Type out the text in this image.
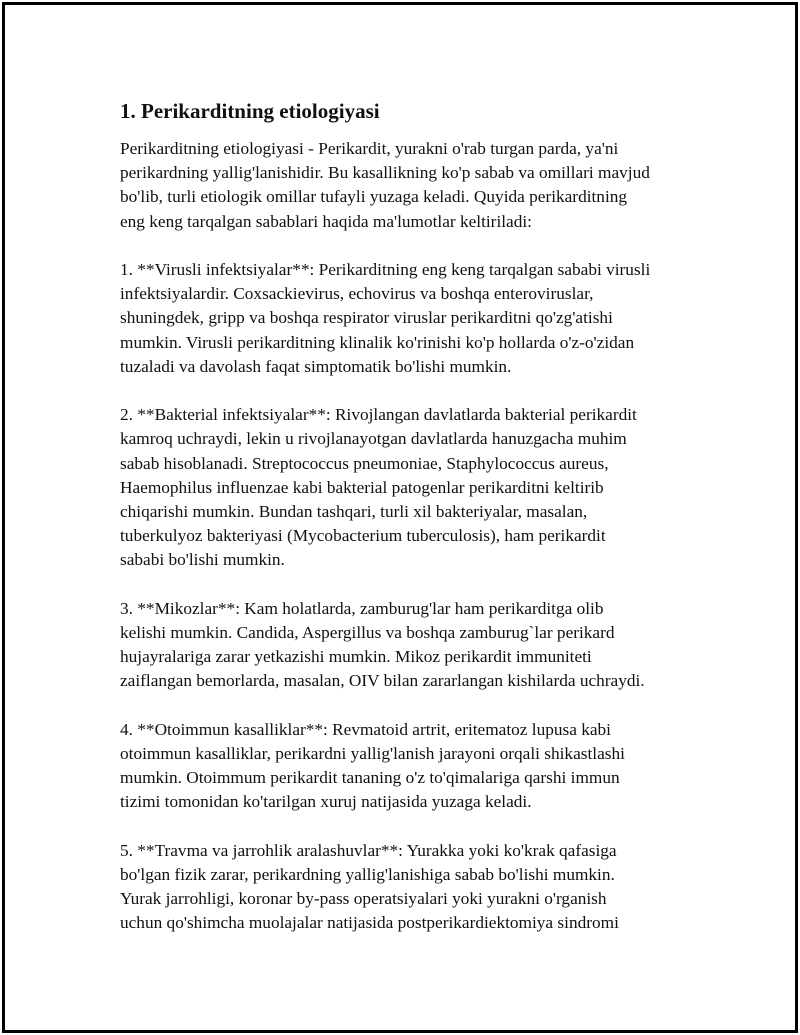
1. Perikarditning etiologiyasi

Perikarditning etiologiyasi - Perikardit, yurakni o'rab turgan parda, ya'ni
perikardning yallig'lanishidir. Bu kasallikning ko'p sabab va omillari mavjud
bo'lib, turli etiologik omillar tufayli yuzaga keladi. Quyida perikarditning
eng keng tarqalgan sabablari haqida ma'lumotlar keltiriladi:

1. **Virusli infektsiyalar**: Perikarditning eng keng tarqalgan sababi virusli
infektsiyalardir. Coxsackievirus, echovirus va boshqa enteroviruslar,
shuningdek, gripp va boshqa respirator viruslar perikarditni qo'zg'atishi
mumkin. Virusli perikarditning klinalik ko'rinishi ko'p hollarda o'z-o'zidan
tuzaladi va davolash faqat simptomatik bo'lishi mumkin.

2. **Bakterial infektsiyalar**: Rivojlangan davlatlarda bakterial perikardit
kamroq uchraydi, lekin u rivojlanayotgan davlatlarda hanuzgacha muhim
sabab hisoblanadi. Streptococcus pneumoniae, Staphylococcus aureus,
Haemophilus influenzae kabi bakterial patogenlar perikarditni keltirib
chiqarishi mumkin. Bundan tashqari, turli xil bakteriyalar, masalan,
tuberkulyoz bakteriyasi (Mycobacterium tuberculosis), ham perikardit
sababi bo'lishi mumkin.

3. **Mikozlar**: Kam holatlarda, zamburug'lar ham perikarditga olib
kelishi mumkin. Candida, Aspergillus va boshqa zamburug`lar perikard
hujayralariga zarar yetkazishi mumkin. Mikoz perikardit immuniteti
zaiflangan bemorlarda, masalan, OIV bilan zararlangan kishilarda uchraydi.

4. **Otoimmun kasalliklar**: Revmatoid artrit, eritematoz lupusa kabi
otoimmun kasalliklar, perikardni yallig'lanish jarayoni orqali shikastlashi
mumkin. Otoimmum perikardit tananing o'z to'qimalariga qarshi immun
tizimi tomonidan ko'tarilgan xuruj natijasida yuzaga keladi.

5. **Travma va jarrohlik aralashuvlar**: Yurakka yoki ko'krak qafasiga
bo'lgan fizik zarar, perikardning yallig'lanishiga sabab bo'lishi mumkin.
Yurak jarrohligi, koronar by-pass operatsiyalari yoki yurakni o'rganish
uchun qo'shimcha muolajalar natijasida postperikardiektomiya sindromi
